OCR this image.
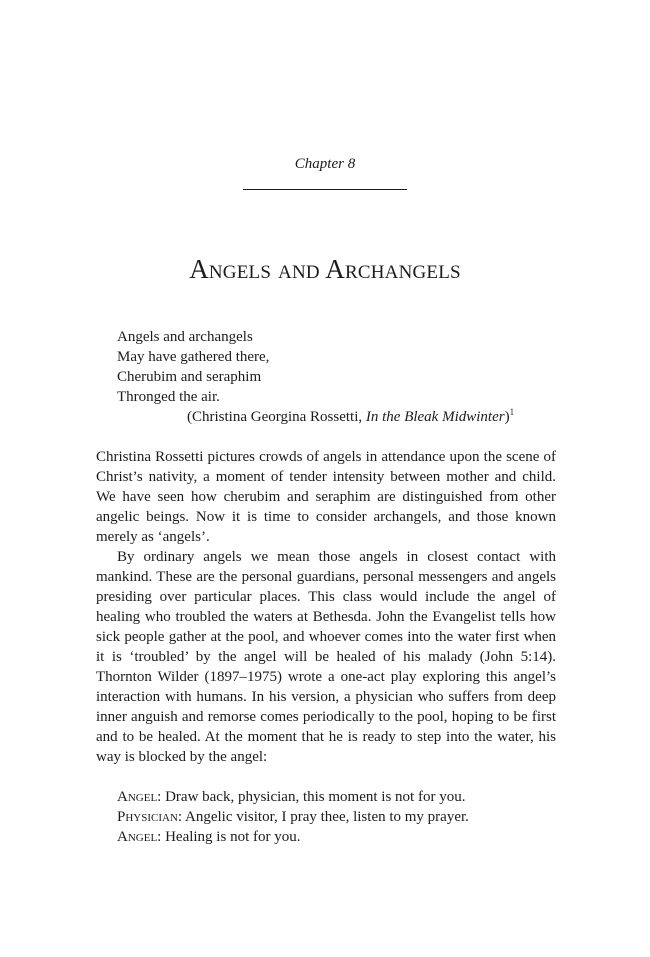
Chapter 8
Angels and Archangels
Angels and archangels
May have gathered there,
Cherubim and seraphim
Thronged the air.
(Christina Georgina Rossetti, In the Bleak Midwinter)$^1$

Christina Rossetti pictures crowds of angels in attendance upon the scene of Christ’s nativity, a moment of tender intensity between mother and child. We have seen how cherubim and seraphim are distinguished from other angelic beings. Now it is time to consider archangels, and those known merely as ‘angels’.

By ordinary angels we mean those angels in closest contact with mankind. These are the personal guardians, personal messengers and angels presiding over particular places. This class would include the angel of healing who troubled the waters at Bethesda. John the Evangelist tells how sick people gather at the pool, and whoever comes into the water first when it is ‘troubled’ by the angel will be healed of his malady (John 5:14). Thornton Wilder (1897–1975) wrote a one-act play exploring this angel’s interaction with humans. In his version, a physician who suffers from deep inner anguish and remorse comes periodically to the pool, hoping to be first and to be healed. At the moment that he is ready to step into the water, his way is blocked by the angel:

Angel: Draw back, physician, this moment is not for you.
Physician: Angelic visitor, I pray thee, listen to my prayer.
Angel: Healing is not for you.
